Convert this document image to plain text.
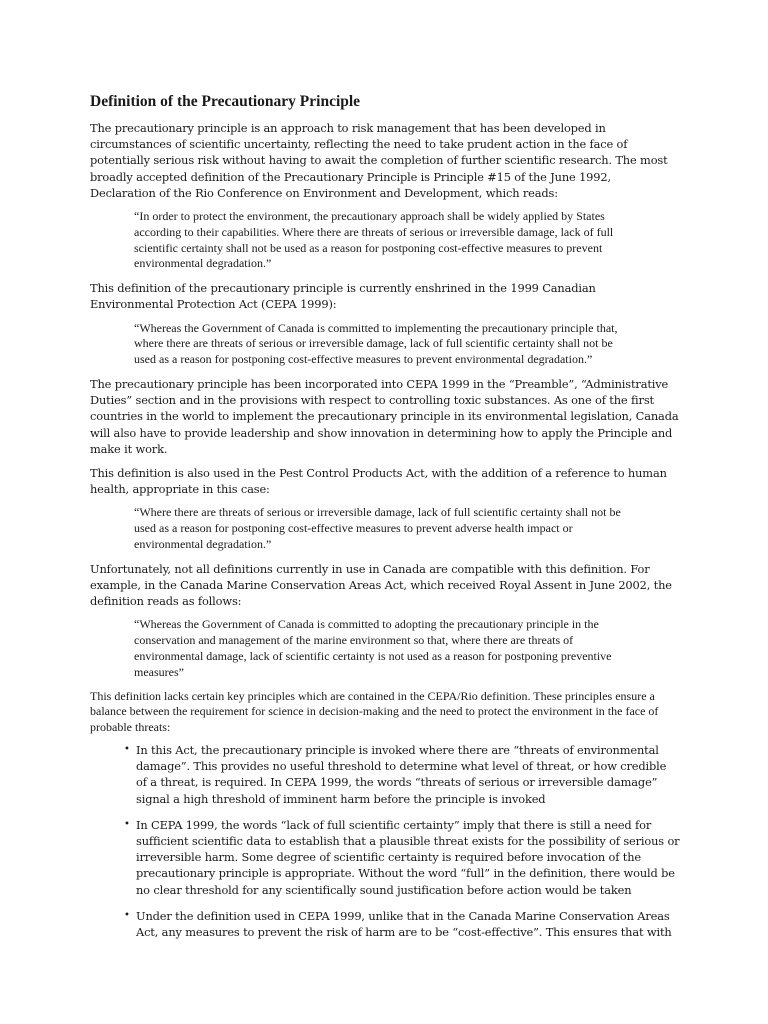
Definition of the Precautionary Principle

The precautionary principle is an approach to risk management that has been developed in circumstances of scientific uncertainty, reflecting the need to take prudent action in the face of potentially serious risk without having to await the completion of further scientific research. The most broadly accepted definition of the Precautionary Principle is Principle #15 of the June 1992, Declaration of the Rio Conference on Environment and Development, which reads:

“In order to protect the environment, the precautionary approach shall be widely applied by States according to their capabilities. Where there are threats of serious or irreversible damage, lack of full scientific certainty shall not be used as a reason for postponing cost-effective measures to prevent environmental degradation.”

This definition of the precautionary principle is currently enshrined in the 1999 Canadian Environmental Protection Act (CEPA 1999):

“Whereas the Government of Canada is committed to implementing the precautionary principle that, where there are threats of serious or irreversible damage, lack of full scientific certainty shall not be used as a reason for postponing cost-effective measures to prevent environmental degradation.”

The precautionary principle has been incorporated into CEPA 1999 in the “Preamble”, “Administrative Duties” section and in the provisions with respect to controlling toxic substances. As one of the first countries in the world to implement the precautionary principle in its environmental legislation, Canada will also have to provide leadership and show innovation in determining how to apply the Principle and make it work.

This definition is also used in the Pest Control Products Act, with the addition of a reference to human health, appropriate in this case:

“Where there are threats of serious or irreversible damage, lack of full scientific certainty shall not be used as a reason for postponing cost-effective measures to prevent adverse health impact or environmental degradation.”

Unfortunately, not all definitions currently in use in Canada are compatible with this definition. For example, in the Canada Marine Conservation Areas Act, which received Royal Assent in June 2002, the definition reads as follows:

“Whereas the Government of Canada is committed to adopting the precautionary principle in the conservation and management of the marine environment so that, where there are threats of environmental damage, lack of scientific certainty is not used as a reason for postponing preventive measures”

This definition lacks certain key principles which are contained in the CEPA/Rio definition. These principles ensure a balance between the requirement for science in decision-making and the need to protect the environment in the face of probable threats:

• In this Act, the precautionary principle is invoked where there are “threats of environmental damage”. This provides no useful threshold to determine what level of threat, or how credible of a threat, is required. In CEPA 1999, the words “threats of serious or irreversible damage” signal a high threshold of imminent harm before the principle is invoked
• In CEPA 1999, the words “lack of full scientific certainty” imply that there is still a need for sufficient scientific data to establish that a plausible threat exists for the possibility of serious or irreversible harm. Some degree of scientific certainty is required before invocation of the precautionary principle is appropriate. Without the word “full” in the definition, there would be no clear threshold for any scientifically sound justification before action would be taken
• Under the definition used in CEPA 1999, unlike that in the Canada Marine Conservation Areas Act, any measures to prevent the risk of harm are to be “cost-effective”. This ensures that with
